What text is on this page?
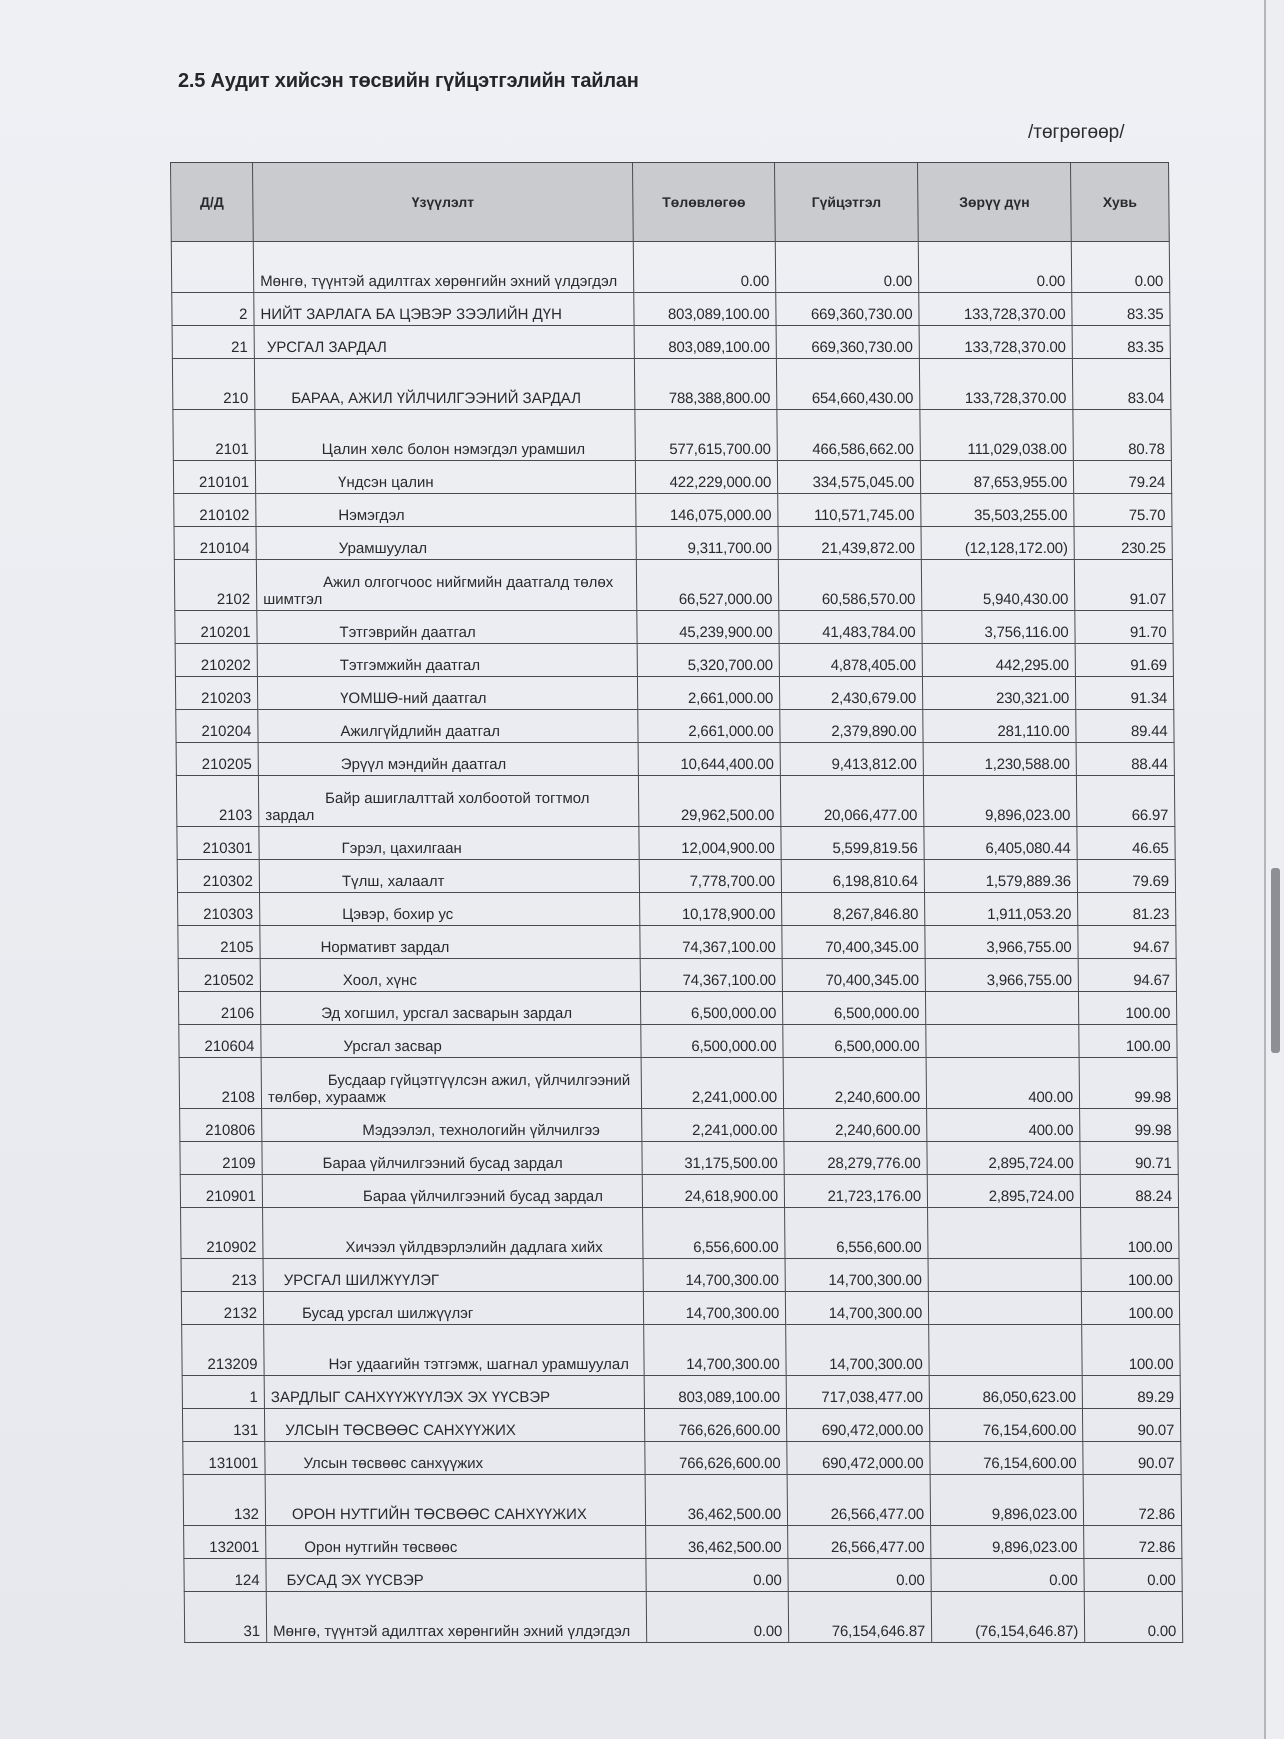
2.5 Аудит хийсэн төсвийн гүйцэтгэлийн тайлан
/төгрөгөөр/
Д/Д	Үзүүлэлт	Төлөвлөгөө	Гүйцэтгэл	Зөрүү дүн	Хувь
	Мөнгө, түүнтэй адилтгах хөрөнгийн эхний үлдэгдэл	0.00	0.00	0.00	0.00
2	НИЙТ ЗАРЛАГА БА ЦЭВЭР ЗЭЭЛИЙН ДҮН	803,089,100.00	669,360,730.00	133,728,370.00	83.35
21	УРСГАЛ ЗАРДАЛ	803,089,100.00	669,360,730.00	133,728,370.00	83.35
210	БАРАА, АЖИЛ ҮЙЛЧИЛГЭЭНИЙ ЗАРДАЛ	788,388,800.00	654,660,430.00	133,728,370.00	83.04
2101	Цалин хөлс болон нэмэгдэл урамшил	577,615,700.00	466,586,662.00	111,029,038.00	80.78
210101	Үндсэн цалин	422,229,000.00	334,575,045.00	87,653,955.00	79.24
210102	Нэмэгдэл	146,075,000.00	110,571,745.00	35,503,255.00	75.70
210104	Урамшуулал	9,311,700.00	21,439,872.00	(12,128,172.00)	230.25
2102	Ажил олгогчоос нийгмийн даатгалд төлөх шимтгэл	66,527,000.00	60,586,570.00	5,940,430.00	91.07
210201	Тэтгэврийн даатгал	45,239,900.00	41,483,784.00	3,756,116.00	91.70
210202	Тэтгэмжийн даатгал	5,320,700.00	4,878,405.00	442,295.00	91.69
210203	ҮОМШӨ-ний даатгал	2,661,000.00	2,430,679.00	230,321.00	91.34
210204	Ажилгүйдлийн даатгал	2,661,000.00	2,379,890.00	281,110.00	89.44
210205	Эрүүл мэндийн даатгал	10,644,400.00	9,413,812.00	1,230,588.00	88.44
2103	Байр ашиглалттай холбоотой тогтмол зардал	29,962,500.00	20,066,477.00	9,896,023.00	66.97
210301	Гэрэл, цахилгаан	12,004,900.00	5,599,819.56	6,405,080.44	46.65
210302	Түлш, халаалт	7,778,700.00	6,198,810.64	1,579,889.36	79.69
210303	Цэвэр, бохир ус	10,178,900.00	8,267,846.80	1,911,053.20	81.23
2105	Нормативт зардал	74,367,100.00	70,400,345.00	3,966,755.00	94.67
210502	Хоол, хүнс	74,367,100.00	70,400,345.00	3,966,755.00	94.67
2106	Эд хогшил, урсгал засварын зардал	6,500,000.00	6,500,000.00		100.00
210604	Урсгал засвар	6,500,000.00	6,500,000.00		100.00
2108	Бусдаар гүйцэтгүүлсэн ажил, үйлчилгээний төлбөр, хураамж	2,241,000.00	2,240,600.00	400.00	99.98
210806	Мэдээлэл, технологийн үйлчилгээ	2,241,000.00	2,240,600.00	400.00	99.98
2109	Бараа үйлчилгээний бусад зардал	31,175,500.00	28,279,776.00	2,895,724.00	90.71
210901	Бараа үйлчилгээний бусад зардал	24,618,900.00	21,723,176.00	2,895,724.00	88.24
210902	Хичээл үйлдвэрлэлийн дадлага хийх	6,556,600.00	6,556,600.00		100.00
213	УРСГАЛ ШИЛЖҮҮЛЭГ	14,700,300.00	14,700,300.00		100.00
2132	Бусад урсгал шилжүүлэг	14,700,300.00	14,700,300.00		100.00
213209	Нэг удаагийн тэтгэмж, шагнал урамшуулал	14,700,300.00	14,700,300.00		100.00
1	ЗАРДЛЫГ САНХҮҮЖҮҮЛЭХ ЭХ ҮҮСВЭР	803,089,100.00	717,038,477.00	86,050,623.00	89.29
131	УЛСЫН ТӨСВӨӨС САНХҮҮЖИХ	766,626,600.00	690,472,000.00	76,154,600.00	90.07
131001	Улсын төсвөөс санхүүжих	766,626,600.00	690,472,000.00	76,154,600.00	90.07
132	ОРОН НУТГИЙН ТӨСВӨӨС САНХҮҮЖИХ	36,462,500.00	26,566,477.00	9,896,023.00	72.86
132001	Орон нутгийн төсвөөс	36,462,500.00	26,566,477.00	9,896,023.00	72.86
124	БУСАД ЭХ ҮҮСВЭР	0.00	0.00	0.00	0.00
31	Мөнгө, түүнтэй адилтгах хөрөнгийн эхний үлдэгдэл	0.00	76,154,646.87	(76,154,646.87)	0.00
